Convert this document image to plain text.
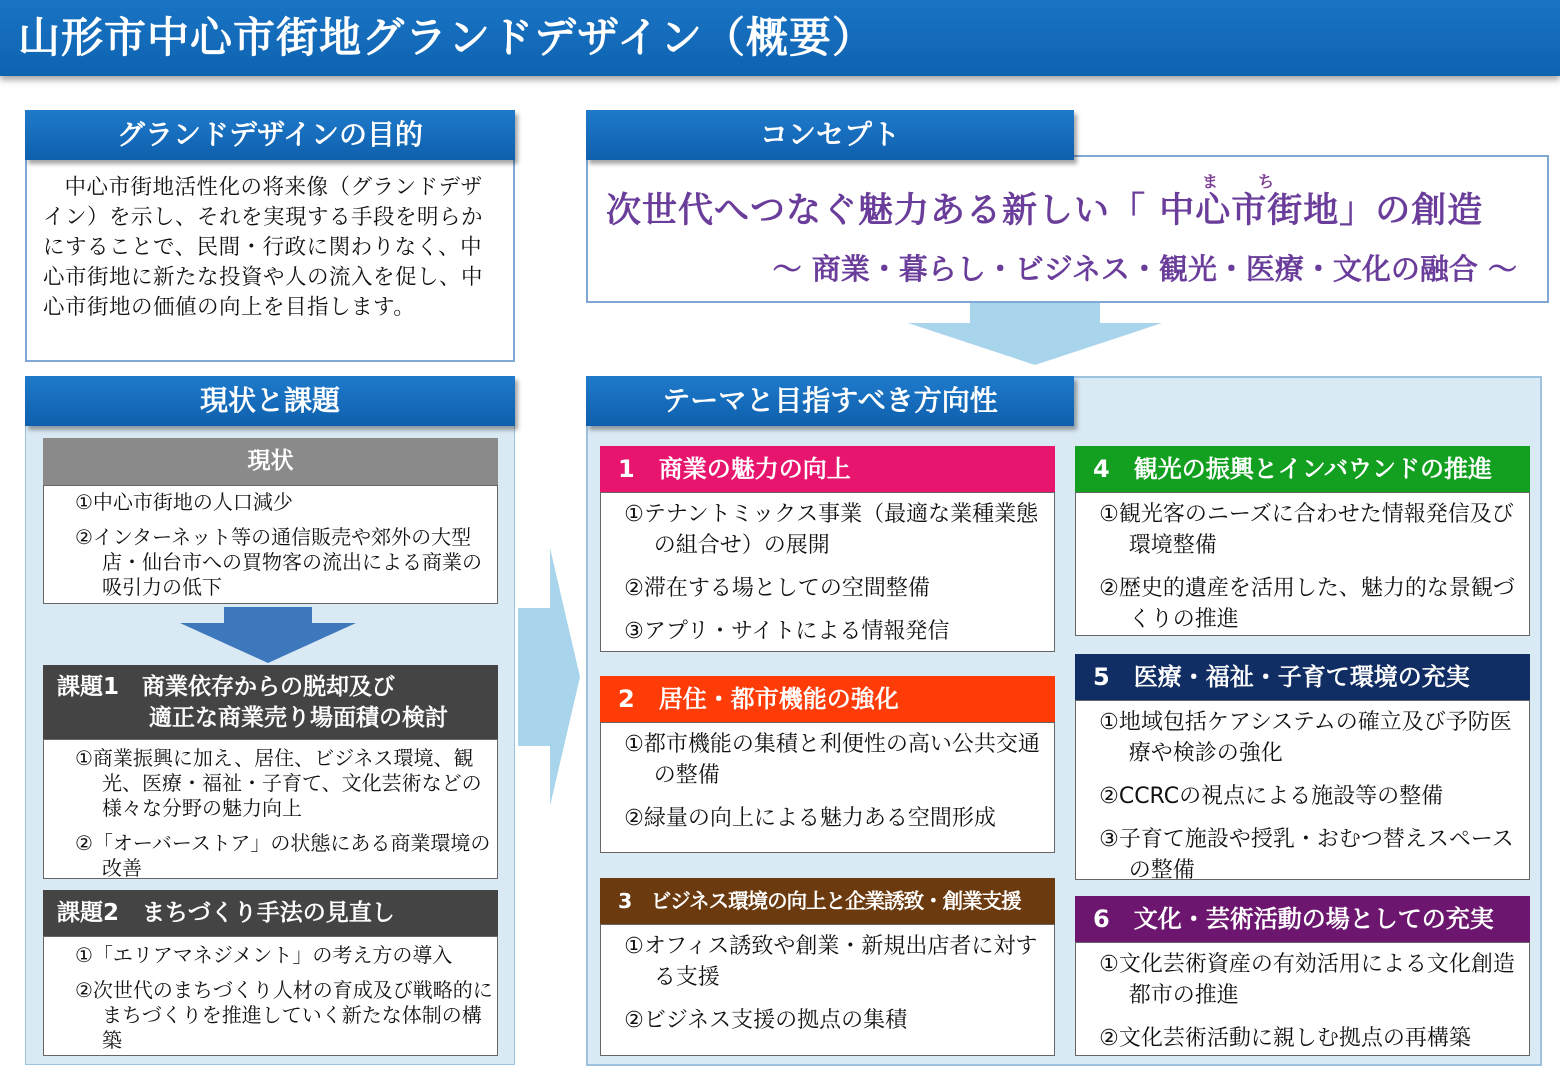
山形市中心市街地グランドデザイン（概要）
グランドデザインの目的

中心市街地活性化の将来像（グランドデザイン）を示し、それを実現する手段を明らかにすることで、民間・行政に関わりなく、中心市街地に新たな投資や人の流入を促し、中心市街地の価値の向上を目指します。

コンセプト
次世代へつなぐ魅力ある新しい「
ま ち
中心市街地」の創造
～ 商業・暮らし・ビジネス・観光・医療・文化の融合 ～
現状と課題
現状
①中心市街地の人口減少
②インターネット等の通信販売や郊外の大型店・仙台市への買物客の流出による商業の吸引力の低下
課題1　商業依存からの脱却及び
適正な商業売り場面積の検討
①商業振興に加え、居住、ビジネス環境、観光、医療・福祉・子育て、文化芸術などの様々な分野の魅力向上
②「オーバーストア」の状態にある商業環境の改善
課題2　まちづくり手法の見直し
①「エリアマネジメント」の考え方の導入
②次世代のまちづくり人材の育成及び戦略的にまちづくりを推進していく新たな体制の構築
テーマと目指すべき方向性
1　商業の魅力の向上
①テナントミックス事業（最適な業種業態の組合せ）の展開
②滞在する場としての空間整備
③アプリ・サイトによる情報発信
2　居住・都市機能の強化
①都市機能の集積と利便性の高い公共交通の整備
②緑量の向上による魅力ある空間形成
3　ビジネス環境の向上と企業誘致・創業支援
①オフィス誘致や創業・新規出店者に対する支援
②ビジネス支援の拠点の集積
4　観光の振興とインバウンドの推進
①観光客のニーズに合わせた情報発信及び環境整備
②歴史的遺産を活用した、魅力的な景観づくりの推進
5　医療・福祉・子育て環境の充実
①地域包括ケアシステムの確立及び予防医療や検診の強化
②CCRCの視点による施設等の整備
③子育て施設や授乳・おむつ替えスペースの整備
6　文化・芸術活動の場としての充実
①文化芸術資産の有効活用による文化創造都市の推進
②文化芸術活動に親しむ拠点の再構築
